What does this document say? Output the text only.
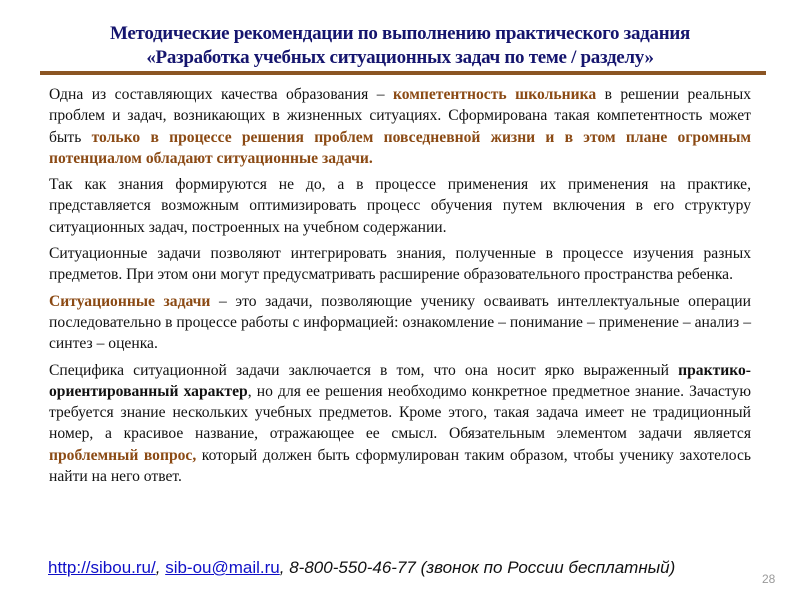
Методические рекомендации по выполнению практического задания
«Разработка учебных ситуационных задач по теме / разделу»

Одна из составляющих качества образования – компетентность школьника в решении реальных проблем и задач, возникающих в жизненных ситуациях. Сформирована такая компетентность может быть только в процессе решения проблем повседневной жизни и в этом плане огромным потенциалом обладают ситуационные задачи.

Так как знания формируются не до, а в процессе применения их применения на практике, представляется возможным оптимизировать процесс обучения путем включения в его структуру ситуационных задач, построенных на учебном содержании.

Ситуационные задачи позволяют интегрировать знания, полученные в процессе изучения разных предметов. При этом они могут предусматривать расширение образовательного пространства ребенка.

Ситуационные задачи – это задачи, позволяющие ученику осваивать интеллектуальные операции последовательно в процессе работы с информацией: ознакомление – понимание – применение – анализ – синтез – оценка.

Специфика ситуационной задачи заключается в том, что она носит ярко выраженный практико-ориентированный характер, но для ее решения необходимо конкретное предметное знание. Зачастую требуется знание нескольких учебных предметов. Кроме этого, такая задача имеет не традиционный номер, а красивое название, отражающее ее смысл. Обязательным элементом задачи является проблемный вопрос, который должен быть сформулирован таким образом, чтобы ученику захотелось найти на него ответ.

http://sibou.ru/, sib-ou@mail.ru, 8-800-550-46-77 (звонок по России бесплатный)
28
